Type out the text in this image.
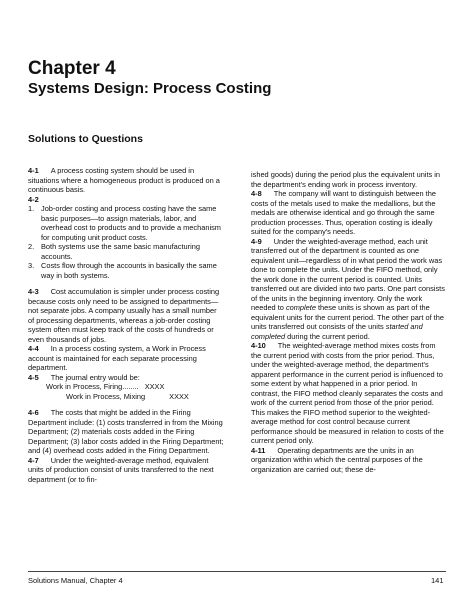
Chapter 4
Systems Design: Process Costing
Solutions to Questions

4-1 A process costing system should be used in situations where a homogeneous product is produced on a continuous basis.

4-2

1. Job-order costing and process costing have the same basic purposes—to assign materials, labor, and overhead cost to products and to provide a mechanism for computing unit product costs.
2. Both systems use the same basic manufacturing accounts.
3. Costs flow through the accounts in basically the same way in both systems.

4-3 Cost accumulation is simpler under process costing because costs only need to be assigned to departments—not separate jobs. A company usually has a small number of processing departments, whereas a job-order costing system often must keep track of the costs of hundreds or even thousands of jobs.

4-4 In a process costing system, a Work in Process account is maintained for each separate processing department.

4-5 The journal entry would be:

Work in Process, Firing........ XXXX

Work in Process, Mixing	XXXX

4-6 The costs that might be added in the Firing Department include: (1) costs transferred in from the Mixing Department; (2) materials costs added in the Firing Department; (3) labor costs added in the Firing Department; and (4) overhead costs added in the Firing Department.

4-7 Under the weighted-average method, equivalent units of production consist of units transferred to the next department (or to fin-

ished goods) during the period plus the equivalent units in the department's ending work in process inventory.

4-8 The company will want to distinguish between the costs of the metals used to make the medallions, but the medals are otherwise identical and go through the same production processes. Thus, operation costing is ideally suited for the company's needs.

4-9 Under the weighted-average method, each unit transferred out of the department is counted as one equivalent unit—regardless of in what period the work was done to complete the units. Under the FIFO method, only the work done in the current period is counted. Units transferred out are divided into two parts. One part consists of the units in the beginning inventory. Only the work needed to complete these units is shown as part of the equivalent units for the current period. The other part of the units transferred out consists of the units started and completed during the current period.

4-10 The weighted-average method mixes costs from the current period with costs from the prior period. Thus, under the weighted-average method, the department's apparent performance in the current period is influenced to some extent by what happened in a prior period. In contrast, the FIFO method cleanly separates the costs and work of the current period from those of the prior period. This makes the FIFO method superior to the weighted-average method for cost control because current performance should be measured in relation to costs of the current period only.

4-11 Operating departments are the units in an organization within which the central purposes of the organization are carried out; these de-

Solutions Manual, Chapter 4	141
